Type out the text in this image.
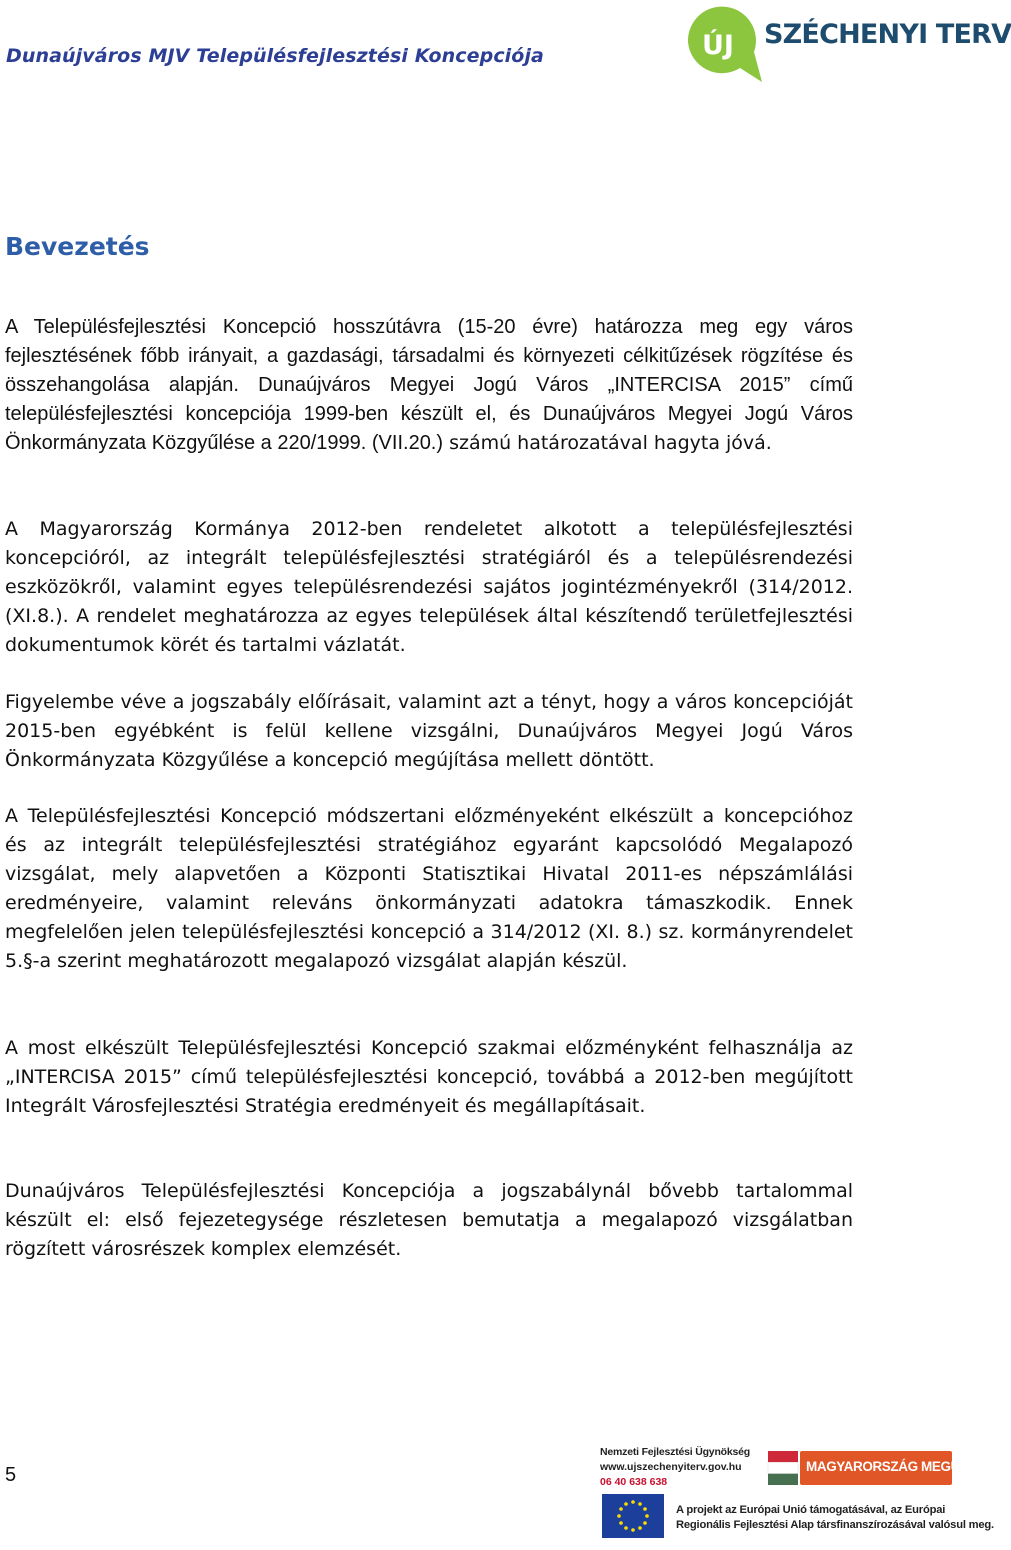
Dunaújváros MJV Településfejlesztési Koncepciója	ÚJ SZÉCHENYI TERV
Bevezetés
A Településfejlesztési Koncepció hosszútávra (15-20 évre) határozza meg egy város fejlesztésének főbb irányait, a gazdasági, társadalmi és környezeti célkitűzések rögzítése és összehangolása alapján. Dunaújváros Megyei Jogú Város „INTERCISA 2015” című településfejlesztési koncepciója 1999-ben készült el, és Dunaújváros Megyei Jogú Város Önkormányzata Közgyűlése a 220/1999. (VII.20.) számú határozatával hagyta jóvá.
A Magyarország Kormánya 2012-ben rendeletet alkotott a településfejlesztési koncepcióról, az integrált településfejlesztési stratégiáról és a településrendezési eszközökről, valamint egyes településrendezési sajátos jogintézményekről (314/2012. (XI.8.). A rendelet meghatározza az egyes települések által készítendő területfejlesztési dokumentumok körét és tartalmi vázlatát.
Figyelembe véve a jogszabály előírásait, valamint azt a tényt, hogy a város koncepcióját 2015-ben egyébként is felül kellene vizsgálni, Dunaújváros Megyei Jogú Város Önkormányzata Közgyűlése a koncepció megújítása mellett döntött.
A Településfejlesztési Koncepció módszertani előzményeként elkészült a koncepcióhoz és az integrált településfejlesztési stratégiához egyaránt kapcsolódó Megalapozó vizsgálat, mely alapvetően a Központi Statisztikai Hivatal 2011-es népszámlálási eredményeire, valamint releváns önkormányzati adatokra támaszkodik. Ennek megfelelően jelen településfejlesztési koncepció a 314/2012 (XI. 8.) sz. kormányrendelet 5.§-a szerint meghatározott megalapozó vizsgálat alapján készül.
A most elkészült Településfejlesztési Koncepció szakmai előzményként felhasználja az „INTERCISA 2015” című településfejlesztési koncepció, továbbá a 2012-ben megújított Integrált Városfejlesztési Stratégia eredményeit és megállapításait.
Dunaújváros Településfejlesztési Koncepciója a jogszabálynál bővebb tartalommal készült el: első fejezetegysége részletesen bemutatja a megalapozó vizsgálatban rögzített városrészek komplex elemzését.
5
Nemzeti Fejlesztési Ügynökség
www.ujszechenyiterv.gov.hu
06 40 638 638
MAGYARORSZÁG MEGÚJUL
A projekt az Európai Unió támogatásával, az Európai
Regionális Fejlesztési Alap társfinanszírozásával valósul meg.
